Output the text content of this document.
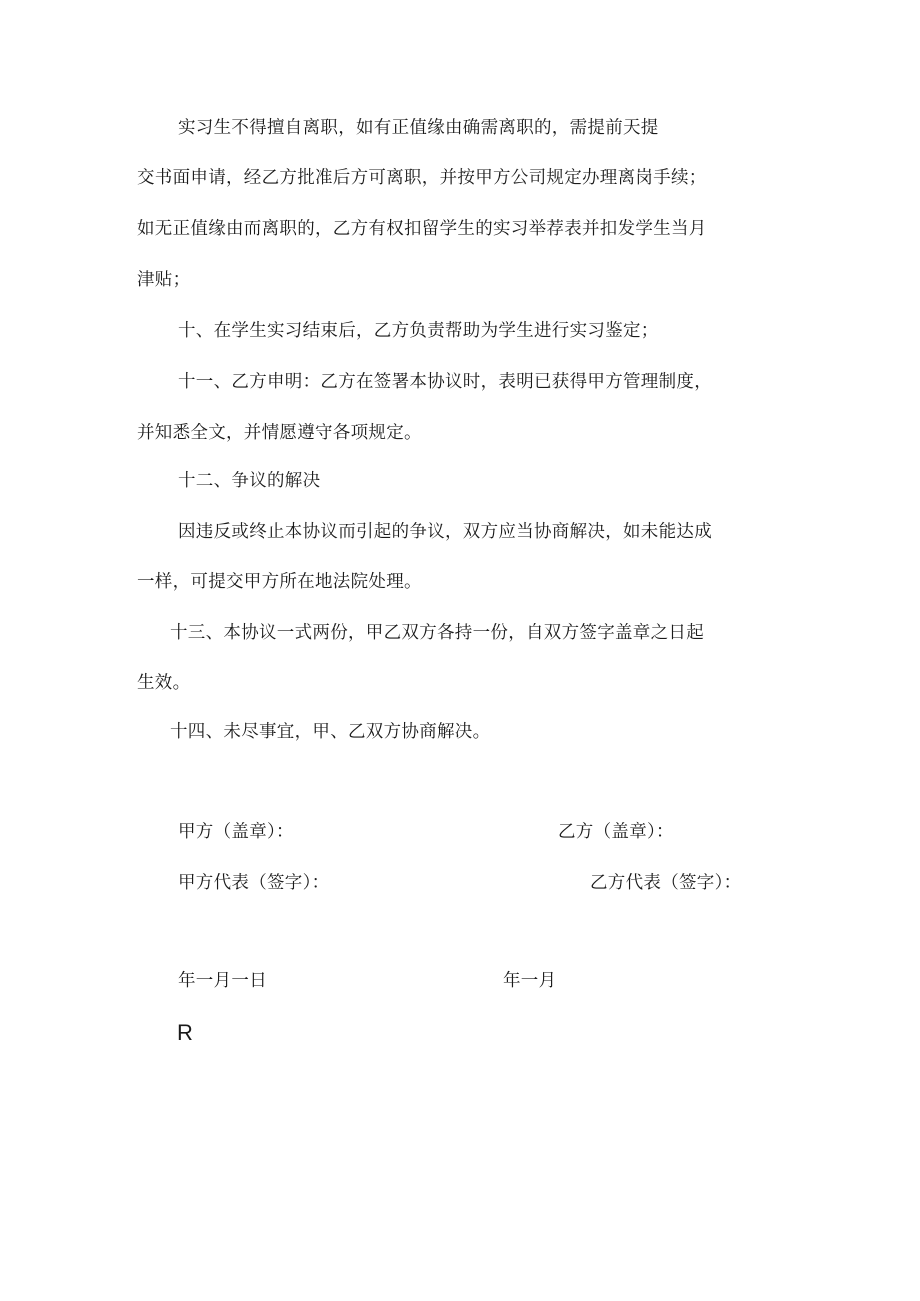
实习生不得擅自离职，如有正值缘由确需离职的，需提前天提
交书面申请，经乙方批准后方可离职，并按甲方公司规定办理离岗手续；
如无正值缘由而离职的，乙方有权扣留学生的实习举荐表并扣发学生当月
津贴；
十、在学生实习结束后，乙方负责帮助为学生进行实习鉴定；
十一、乙方申明：乙方在签署本协议时，表明已获得甲方管理制度，
并知悉全文，并情愿遵守各项规定。
十二、争议的解决
因违反或终止本协议而引起的争议，双方应当协商解决，如未能达成
一样，可提交甲方所在地法院处理。
十三、本协议一式两份，甲乙双方各持一份，自双方签字盖章之日起
生效。
十四、未尽事宜，甲、乙双方协商解决。
甲方（盖章）：	乙方（盖章）：
甲方代表（签字）：	乙方代表（签字）：
年一月一日	年一月
R
